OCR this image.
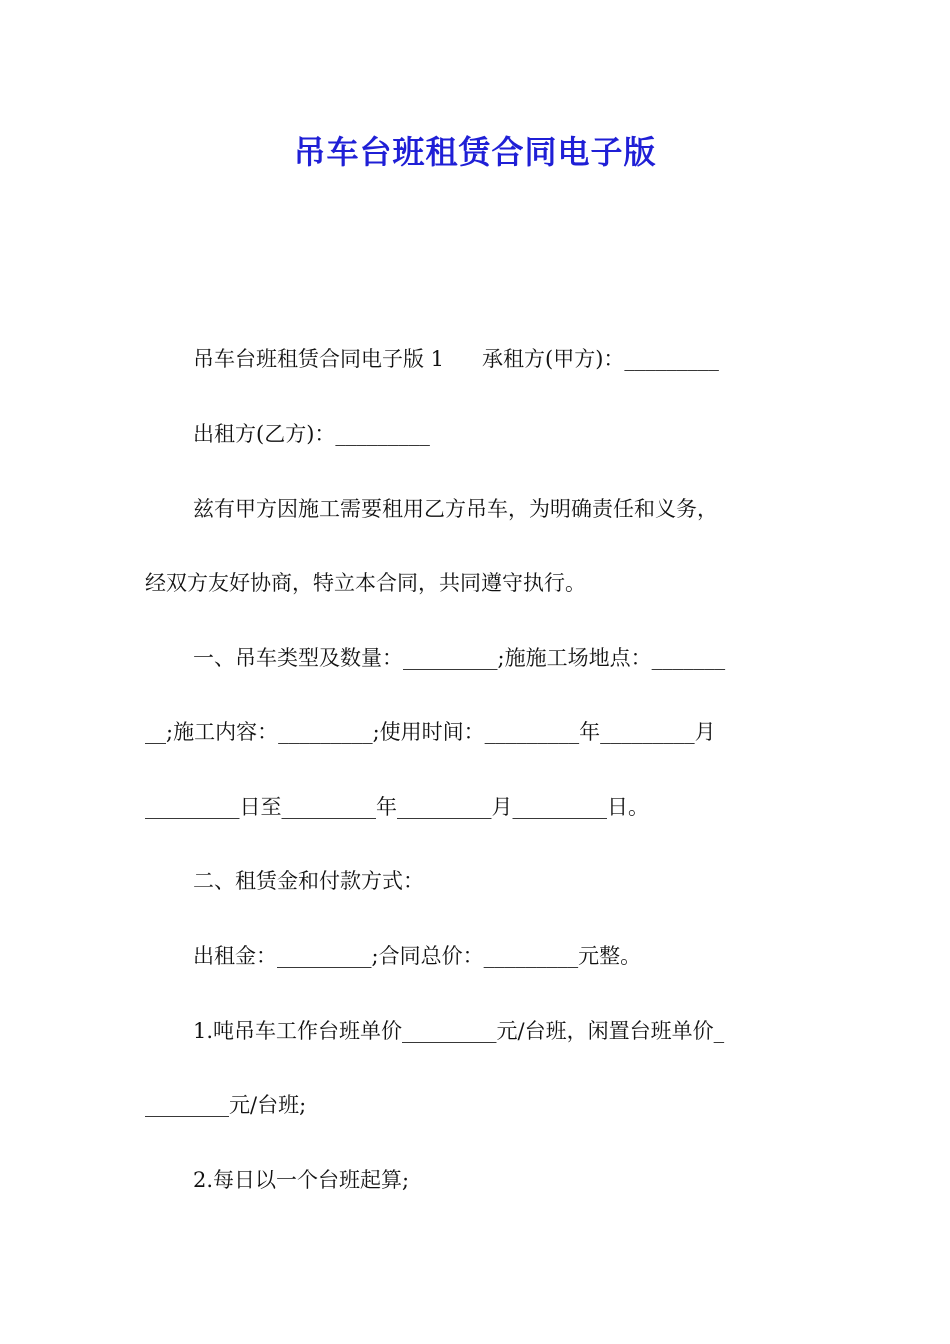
吊车台班租赁合同电子版
吊车台班租赁合同电子版 1 承租方(甲方)：_________
出租方(乙方)：_________
兹有甲方因施工需要租用乙方吊车，为明确责任和义务，
经双方友好协商，特立本合同，共同遵守执行。
一、吊车类型及数量：_________;施施工场地点：_______
__;施工内容：_________;使用时间：_________年_________月
_________日至_________年_________月_________日。
二、租赁金和付款方式：
出租金：_________;合同总价：_________元整。
1.吨吊车工作台班单价_________元/台班，闲置台班单价_
________元/台班;
2.每日以一个台班起算;
